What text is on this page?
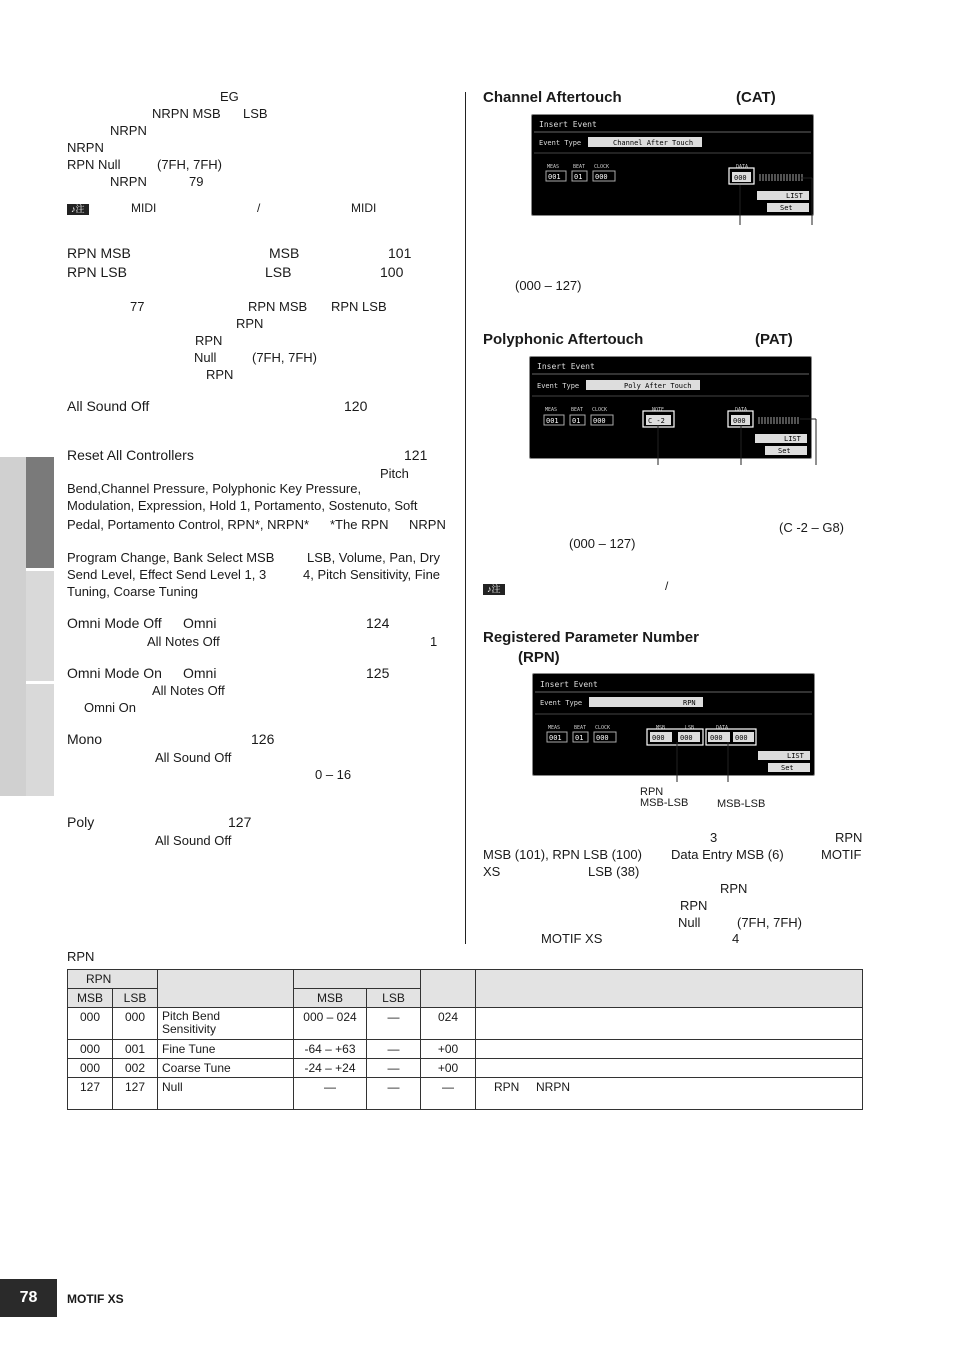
EG
NRPN MSB LSB
NRPN
NRPN
RPN Null	(7FH, 7FH)
NRPN	79
♪注	MIDI	/	MIDI
RPN MSB	MSB	101
RPN LSB	LSB	100
77	RPN MSB RPN LSB
RPN
RPN
Null	(7FH, 7FH)
RPN
All Sound Off	120
Reset All Controllers	121
Pitch
Bend,Channel Pressure, Polyphonic Key Pressure,
Modulation, Expression, Hold 1, Portamento, Sostenuto, Soft
Pedal, Portamento Control, RPN*, NRPN* *The RPN NRPN
Program Change, Bank Select MSB	LSB, Volume, Pan, Dry
Send Level, Effect Send Level 1, 3	4, Pitch Sensitivity, Fine
Tuning, Coarse Tuning
Omni Mode Off Omni	124
All Notes Off	1
Omni Mode On Omni	125
All Notes Off
Omni On
Mono	126
All Sound Off
0 – 16
Poly	127
All Sound Off
Channel Aftertouch	(CAT)
Insert Event
Event Type	Channel After Touch
MEAS	BEAT CLOCK
001 01 000
DATA
000
LIST
Set
(000 – 127)
Polyphonic Aftertouch	(PAT)
Insert Event
Event Type	Poly After Touch
MEAS	BEAT CLOCK
001 01 000
NOTE
C -2
DATA
000
LIST
Set
(C -2 – G8)
(000 – 127)
♪注	/
Registered Parameter Number
(RPN)
Insert Event
Event Type	RPN
MEAS	BEAT CLOCK
001 01 000
MSB	LSB	DATA
000 000 000 000
LIST
Set
RPN
MSB-LSB	MSB-LSB
3	RPN
MSB (101), RPN LSB (100) Data Entry MSB (6)	MOTIF
XS	LSB (38)
RPN
RPN
Null	(7FH, 7FH)
MOTIF XS	4
RPN
RPN						
MSB	LSB		MSB	LSB		
000	000	Pitch Bend Sensitivity	000 – 024	—	024	
000	001	Fine Tune	-64 – +63	—	+00	
000	002	Coarse Tune	-24 – +24	—	+00	
127	127	Null	—	—	—	RPN     NRPN
78	MOTIF XS
